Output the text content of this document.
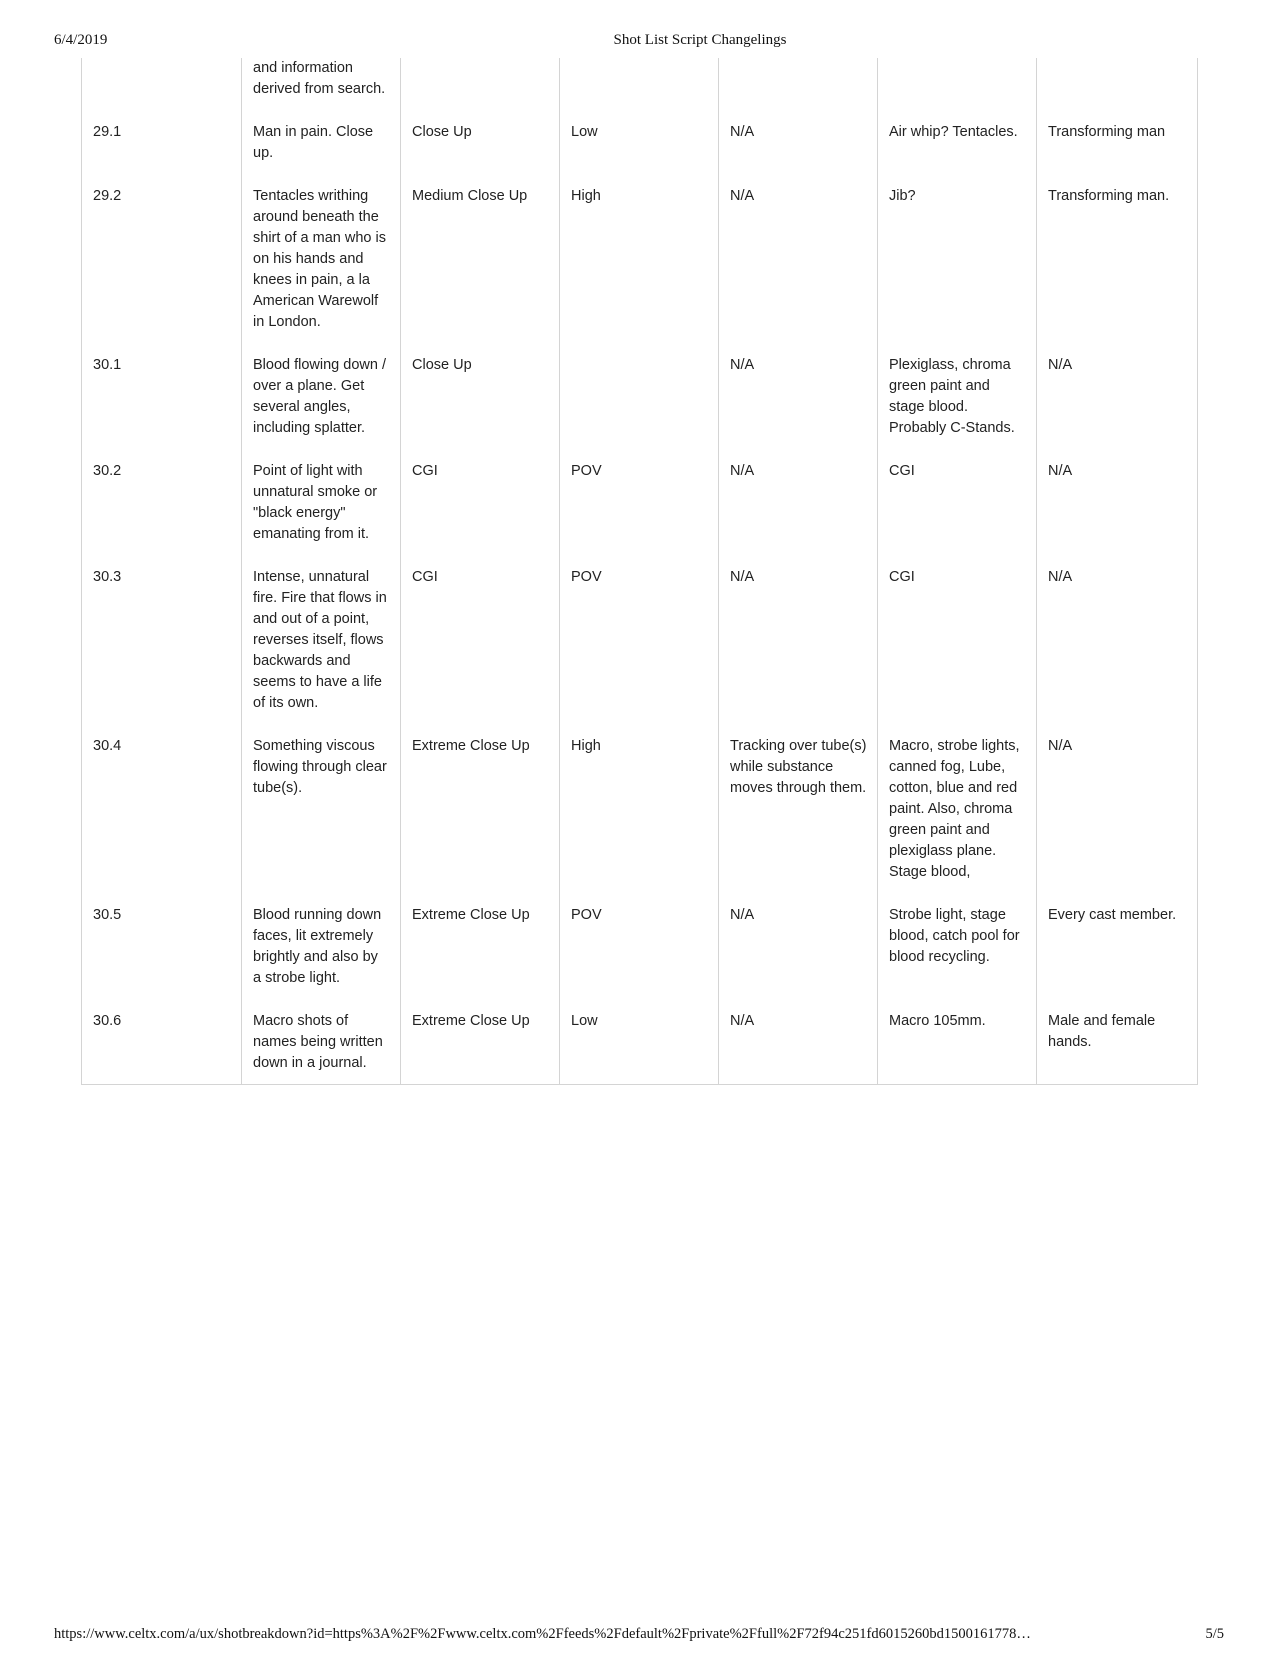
6/4/2019	Shot List Script Changelings
	and information derived from search.					
29.1	Man in pain. Close up.	Close Up	Low	N/A	Air whip? Tentacles.	Transforming man
29.2	Tentacles writhing around beneath the shirt of a man who is on his hands and knees in pain, a la American Warewolf in London.	Medium Close Up	High	N/A	Jib?	Transforming man.
30.1	Blood flowing down / over a plane. Get several angles, including splatter.	Close Up		N/A	Plexiglass, chroma green paint and stage blood. Probably C-Stands.	N/A
30.2	Point of light with unnatural smoke or "black energy" emanating from it.	CGI	POV	N/A	CGI	N/A
30.3	Intense, unnatural fire. Fire that flows in and out of a point, reverses itself, flows backwards and seems to have a life of its own.	CGI	POV	N/A	CGI	N/A
30.4	Something viscous flowing through clear tube(s).	Extreme Close Up	High	Tracking over tube(s) while substance moves through them.	Macro, strobe lights, canned fog, Lube, cotton, blue and red paint. Also, chroma green paint and plexiglass plane. Stage blood,	N/A
30.5	Blood running down faces, lit extremely brightly and also by a strobe light.	Extreme Close Up	POV	N/A	Strobe light, stage blood, catch pool for blood recycling.	Every cast member.
30.6	Macro shots of names being written down in a journal.	Extreme Close Up	Low	N/A	Macro 105mm.	Male and female hands.
https://www.celtx.com/a/ux/shotbreakdown?id=https%3A%2F%2Fwww.celtx.com%2Ffeeds%2Fdefault%2Fprivate%2Ffull%2F72f94c251fd6015260bd1500161778…	5/5
